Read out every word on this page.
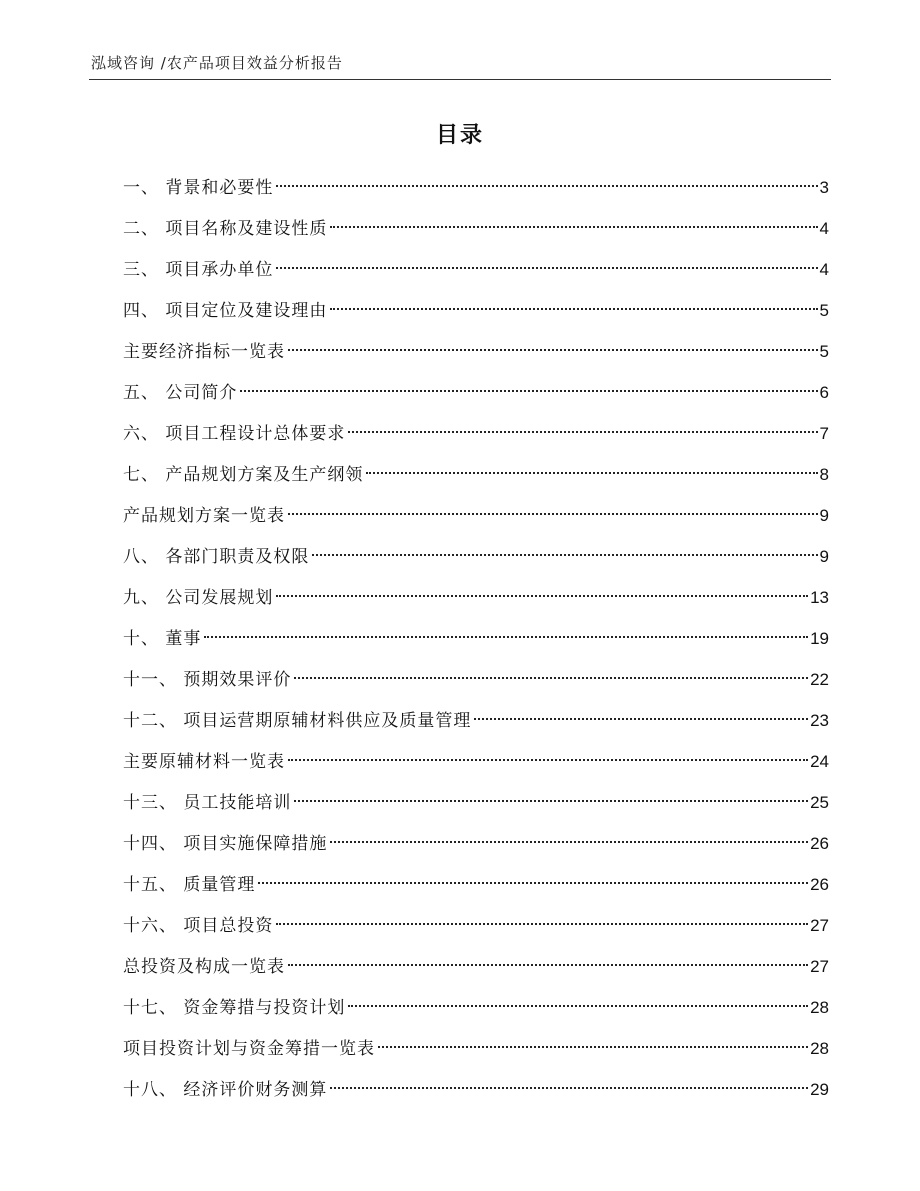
泓域咨询 /农产品项目效益分析报告
目录
一、 背景和必要性	3
二、 项目名称及建设性质	4
三、 项目承办单位	4
四、 项目定位及建设理由	5
主要经济指标一览表	5
五、 公司简介	6
六、 项目工程设计总体要求	7
七、 产品规划方案及生产纲领	8
产品规划方案一览表	9
八、 各部门职责及权限	9
九、 公司发展规划	13
十、 董事	19
十一、 预期效果评价	22
十二、 项目运营期原辅材料供应及质量管理	23
主要原辅材料一览表	24
十三、 员工技能培训	25
十四、 项目实施保障措施	26
十五、 质量管理	26
十六、 项目总投资	27
总投资及构成一览表	27
十七、 资金筹措与投资计划	28
项目投资计划与资金筹措一览表	28
十八、 经济评价财务测算	29
